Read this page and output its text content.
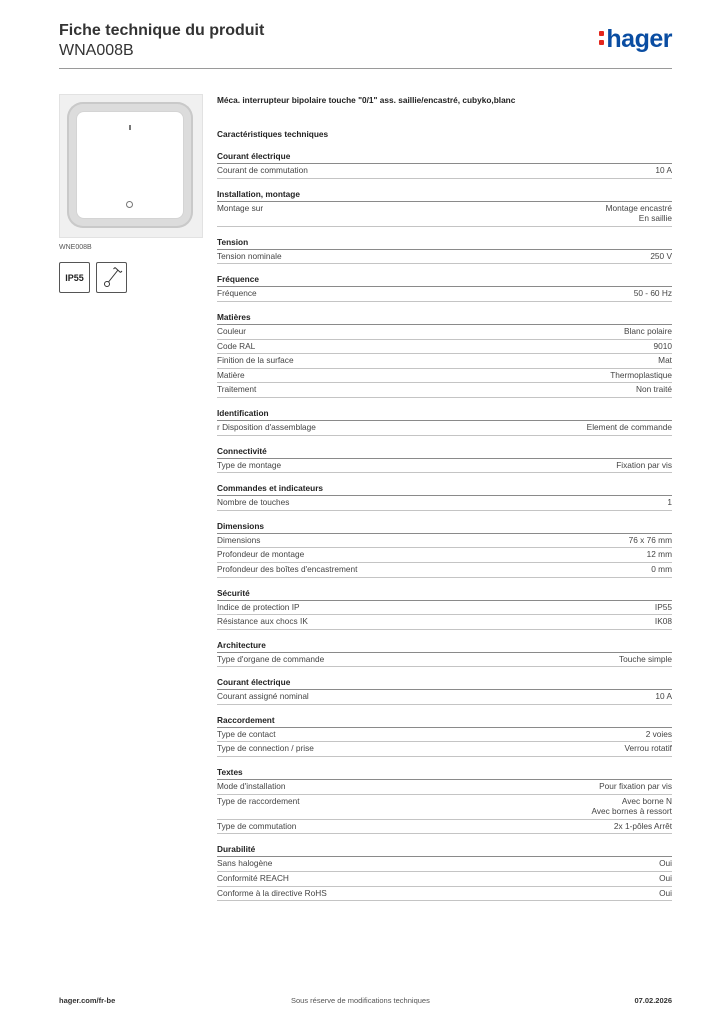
Fiche technique du produit
WNA008B	hager
WNE008B
IP55
Méca. interrupteur bipolaire touche "0/1" ass. saillie/encastré, cubyko,blanc
Caractéristiques techniques
Courant électrique
Courant de commutation	10 A
Installation, montage
Montage sur	Montage encastré
En saillie
Tension
Tension nominale	250 V
Fréquence
Fréquence	50 - 60 Hz
Matières
Couleur	Blanc polaire
Code RAL	9010
Finition de la surface	Mat
Matière	Thermoplastique
Traitement	Non traité
Identification
r Disposition d'assemblage	Element de commande
Connectivité
Type de montage	Fixation par vis
Commandes et indicateurs
Nombre de touches	1
Dimensions
Dimensions	76 x 76 mm
Profondeur de montage	12 mm
Profondeur des boîtes d'encastrement	0 mm
Sécurité
Indice de protection IP	IP55
Résistance aux chocs IK	IK08
Architecture
Type d'organe de commande	Touche simple
Courant électrique
Courant assigné nominal	10 A
Raccordement
Type de contact	2 voies
Type de connection / prise	Verrou rotatif
Textes
Mode d'installation	Pour fixation par vis
Type de raccordement	Avec borne N
Avec bornes à ressort
Type de commutation	2x 1-pôles Arrêt
Durabilité
Sans halogène	Oui
Conformité REACH	Oui
Conforme à la directive RoHS	Oui
hager.com/fr-be	Sous réserve de modifications techniques	07.02.2026
